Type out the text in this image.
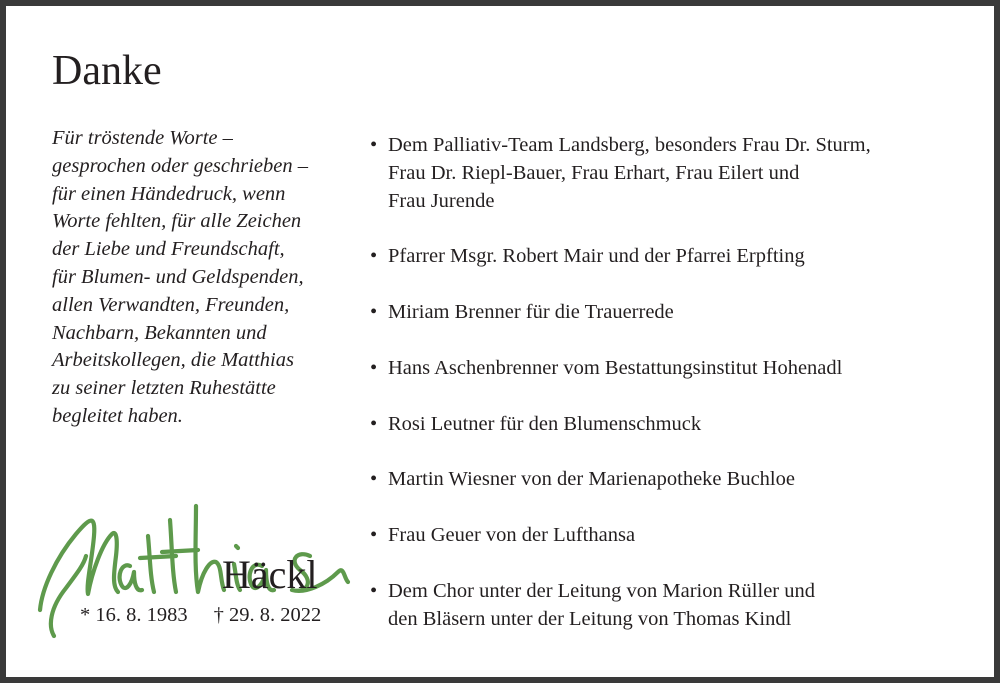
Danke
Für tröstende Worte –
gesprochen oder geschrieben –
für einen Händedruck, wenn
Worte fehlten, für alle Zeichen
der Liebe und Freundschaft,
für Blumen- und Geldspenden,
allen Verwandten, Freunden,
Nachbarn, Bekannten und
Arbeitskollegen, die Matthias
zu seiner letzten Ruhestätte
begleitet haben.
Häckl
* 16. 8. 1983 † 29. 8. 2022
• Dem Palliativ-Team Landsberg, besonders Frau Dr. Sturm,
Frau Dr. Riepl-Bauer, Frau Erhart, Frau Eilert und
Frau Jurende
• Pfarrer Msgr. Robert Mair und der Pfarrei Erpfting
• Miriam Brenner für die Trauerrede
• Hans Aschenbrenner vom Bestattungsinstitut Hohenadl
• Rosi Leutner für den Blumenschmuck
• Martin Wiesner von der Marienapotheke Buchloe
• Frau Geuer von der Lufthansa
• Dem Chor unter der Leitung von Marion Rüller und
den Bläsern unter der Leitung von Thomas Kindl
